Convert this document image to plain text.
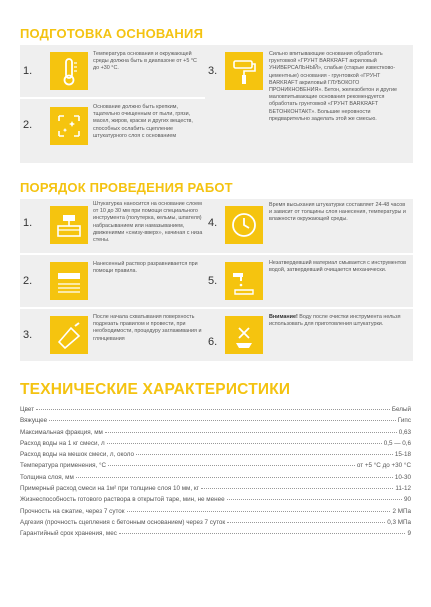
ПОДГОТОВКА ОСНОВАНИЯ
1.
Температура основания и окружающей среды должна быть в диапазоне от +5 °С до +30 °С.
2.
Основание должно быть крепким, тщательно очищенным от пыли, грязи, масел, жиров, краски и других веществ, способных ослабить сцепление штукатурного слоя с основанием
3.
Сильно впитывающие основания обработать грунтовкой «ГРУНТ BARKRAFT акриловый УНИВЕРСАЛЬНЫЙ», слабые (старые известково-цементные) основания - грунтовкой «ГРУНТ BARKRAFT акриловый ГЛУБОКОГО ПРОНИКНОВЕНИЯ». Бетон, железобетон и другие маловпитывающие основания рекомендуется обработать грунтовкой «ГРУНТ BARKRAFT БЕТОНКОНТАКТ». Большие неровности предварительно заделать этой же смесью.
ПОРЯДОК ПРОВЕДЕНИЯ РАБОТ
1.
Штукатурка наносится на основание слоем от 10 до 30 мм при помощи специального инструмента (полутерка, кельмы, шпателя) набрасыванием или намазыванием, движениями «снизу-вверх», начиная с низа стены.
2.
Нанесенный раствор разравнивается при помощи правила.
3.
После начала схватывания поверхность подрезать правилом и провести, при необходимости, процедуру заглаживания и глянцевания
4.
Время высыхания штукатурки составляет 24-48 часов и зависит от толщины слоя нанесения, температуры и влажности окружающей среды.
5.
Незатвердевший материал смывается с инструментов водой, затвердевший очищается механически.
6.
Внимание! Воду после очистки инструмента нельзя использовать для приготовления штукатурки.
ТЕХНИЧЕСКИЕ ХАРАКТЕРИСТИКИ
Цвет	Белый
Вяжущее	Гипс
Максимальная фракция, мм	0,63
Расход воды на 1 кг смеси, л	0,5 — 0,6
Расход воды на мешок смеси, л, около	15-18
Температура применения, °С	от +5 °С до +30 °С
Толщина слоя, мм	10-30
Примерный расход смеси на 1м² при толщине слоя 10 мм, кг	11-12
Жизнеспособность готового раствора в открытой таре, мин, не менее	90
Прочность на сжатие, через 7 суток	2 МПа
Адгезия (прочность сцепления с бетонным основанием) через 7 суток	0,3 МПа
Гарантийный срок хранения, мес	9
